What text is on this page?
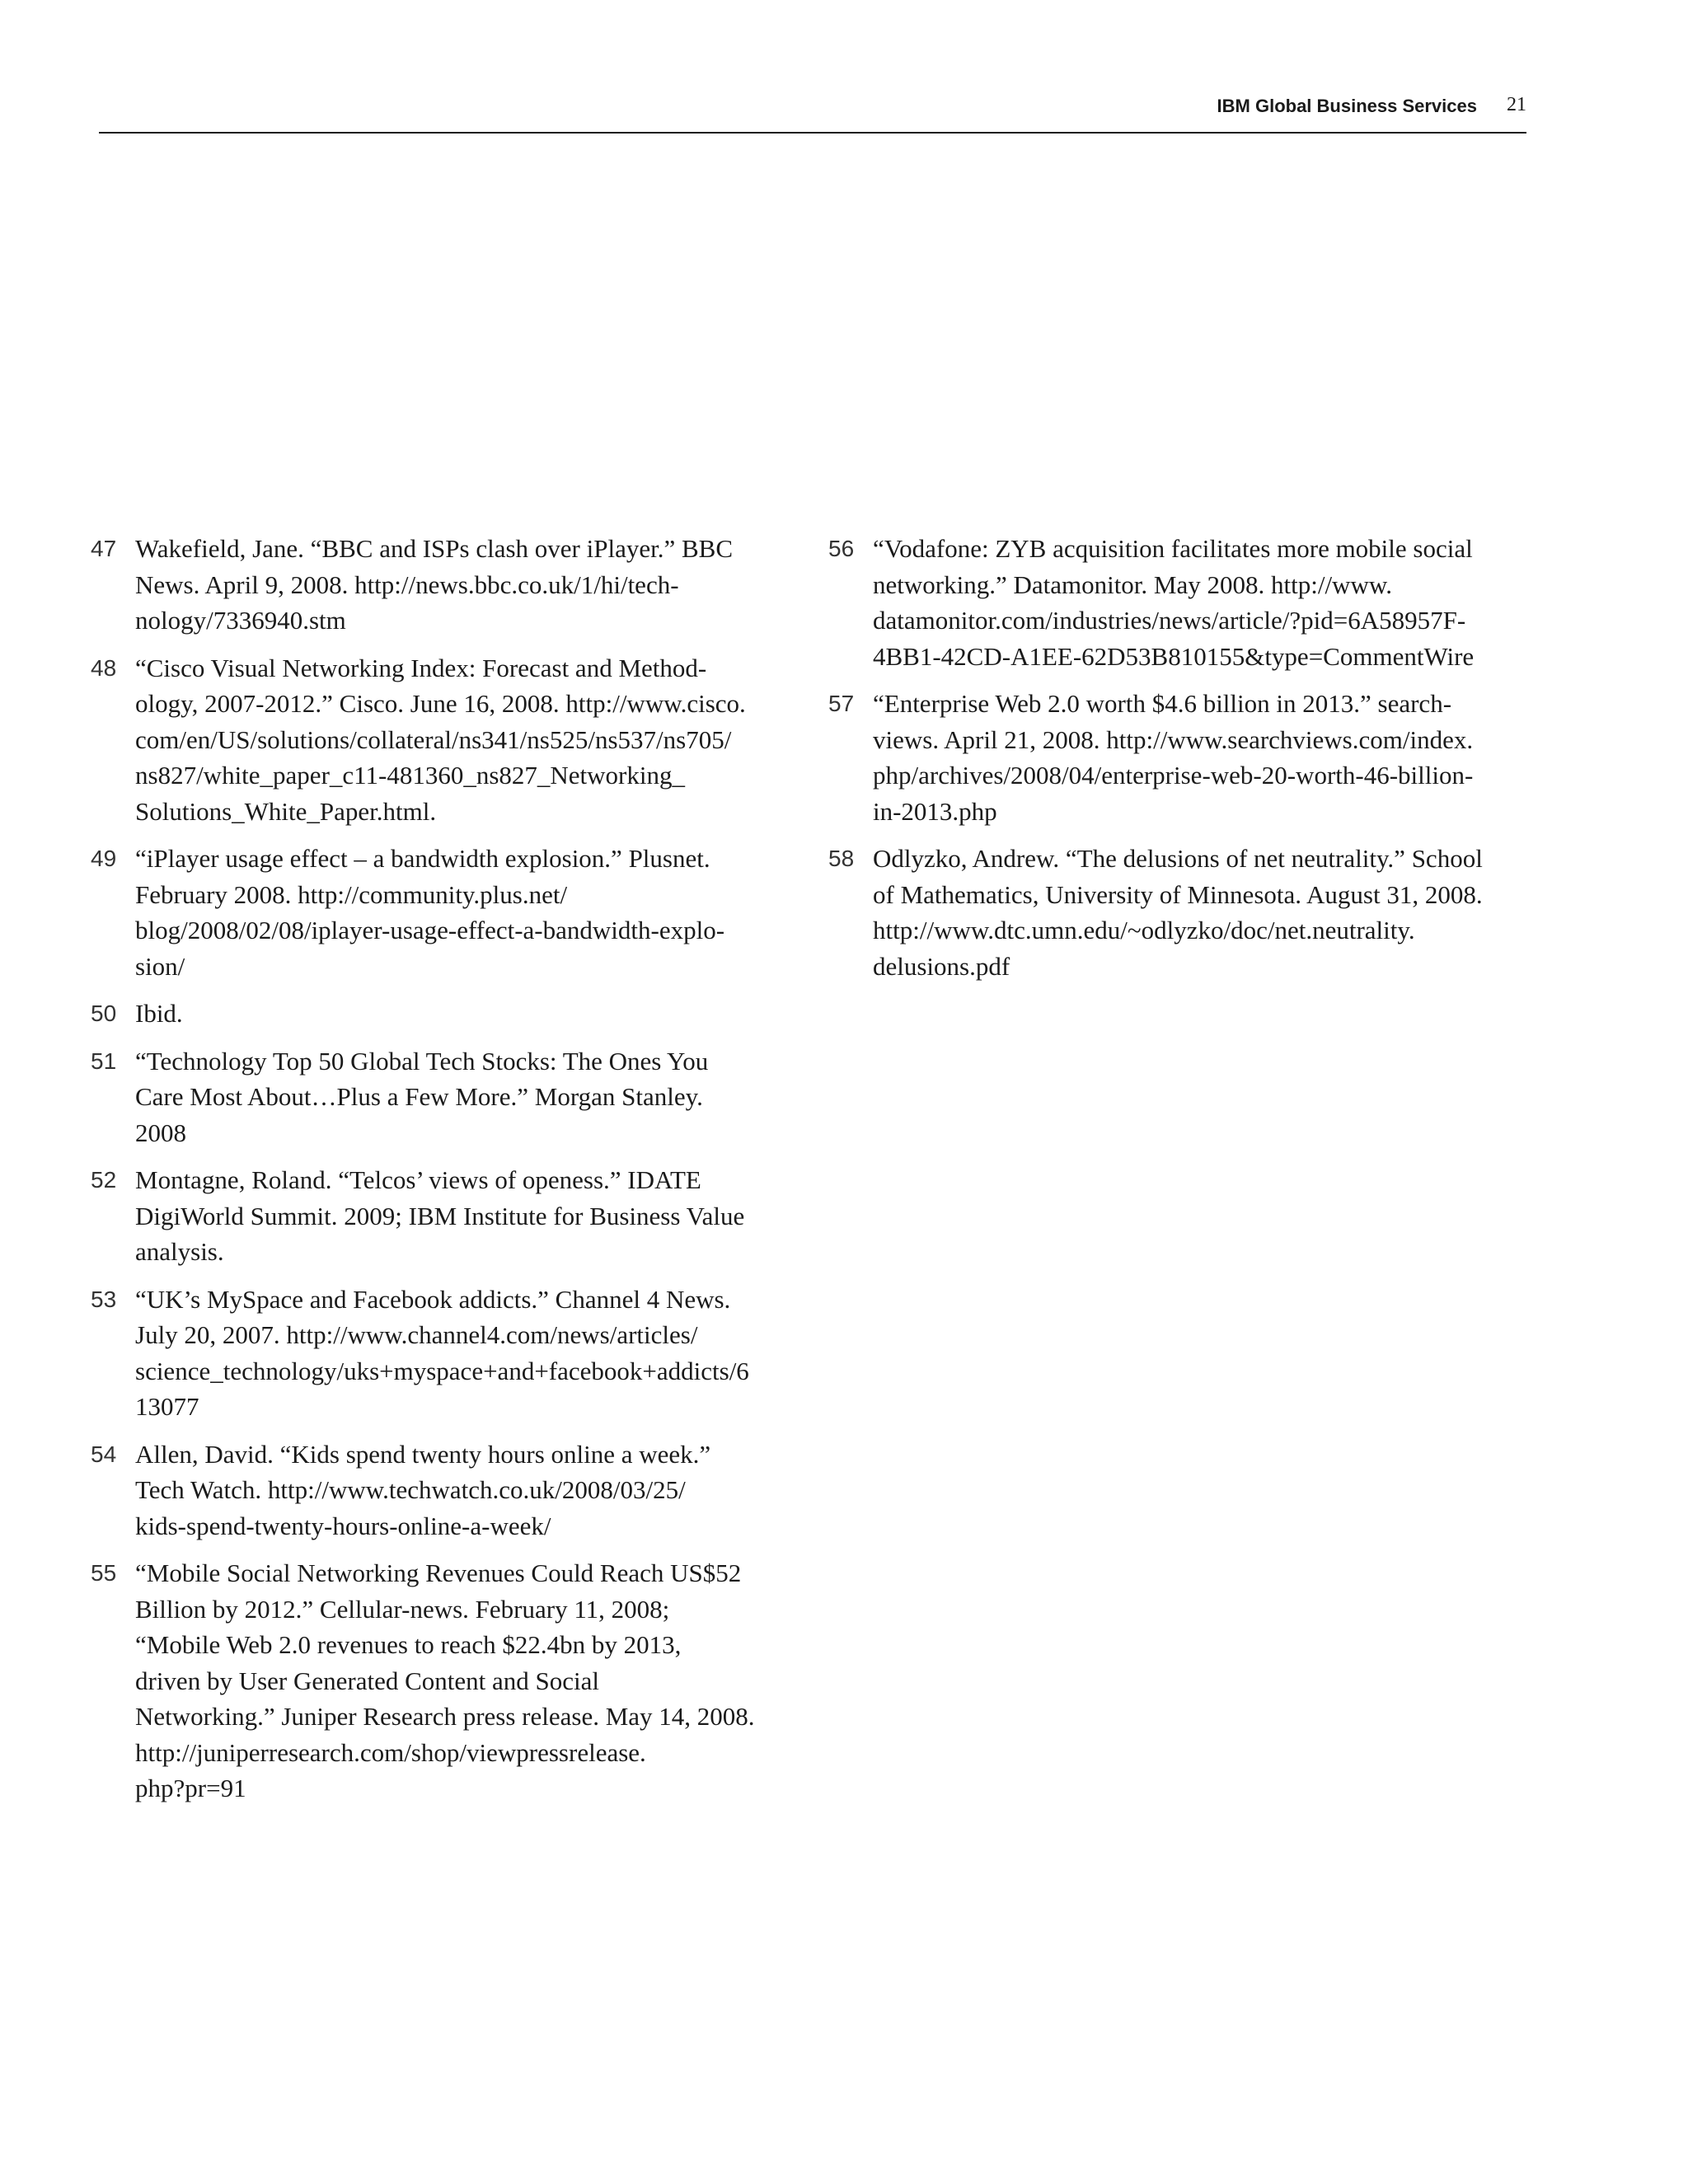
IBM Global Business Services 21
47 Wakefield, Jane. “BBC and ISPs clash over iPlayer.” BBC
News. April 9, 2008. http://news.bbc.co.uk/1/hi/tech-
nology/7336940.stm
48 “Cisco Visual Networking Index: Forecast and Method-
ology, 2007-2012.” Cisco. June 16, 2008. http://www.cisco.
com/en/US/solutions/collateral/ns341/ns525/ns537/ns705/
ns827/white_paper_c11-481360_ns827_Networking_
Solutions_White_Paper.html.
49 “iPlayer usage effect – a bandwidth explosion.” Plusnet.
February 2008. http://community.plus.net/
blog/2008/02/08/iplayer-usage-effect-a-bandwidth-explo-
sion/
50 Ibid.
51 “Technology Top 50 Global Tech Stocks: The Ones You
Care Most About…Plus a Few More.” Morgan Stanley.
2008
52 Montagne, Roland. “Telcos’ views of openess.” IDATE
DigiWorld Summit. 2009; IBM Institute for Business Value
analysis.
53 “UK’s MySpace and Facebook addicts.” Channel 4 News.
July 20, 2007. http://www.channel4.com/news/articles/
science_technology/uks+myspace+and+facebook+addicts/6
13077
54 Allen, David. “Kids spend twenty hours online a week.”
Tech Watch. http://www.techwatch.co.uk/2008/03/25/
kids-spend-twenty-hours-online-a-week/
55 “Mobile Social Networking Revenues Could Reach US$52
Billion by 2012.” Cellular-news. February 11, 2008;
“Mobile Web 2.0 revenues to reach $22.4bn by 2013,
driven by User Generated Content and Social
Networking.” Juniper Research press release. May 14, 2008.
http://juniperresearch.com/shop/viewpressrelease.
php?pr=91
56 “Vodafone: ZYB acquisition facilitates more mobile social
networking.” Datamonitor. May 2008. http://www.
datamonitor.com/industries/news/article/?pid=6A58957F-
4BB1-42CD-A1EE-62D53B810155&type=CommentWire
57 “Enterprise Web 2.0 worth $4.6 billion in 2013.” search-
views. April 21, 2008. http://www.searchviews.com/index.
php/archives/2008/04/enterprise-web-20-worth-46-billion-
in-2013.php
58 Odlyzko, Andrew. “The delusions of net neutrality.” School
of Mathematics, University of Minnesota. August 31, 2008.
http://www.dtc.umn.edu/~odlyzko/doc/net.neutrality.
delusions.pdf
